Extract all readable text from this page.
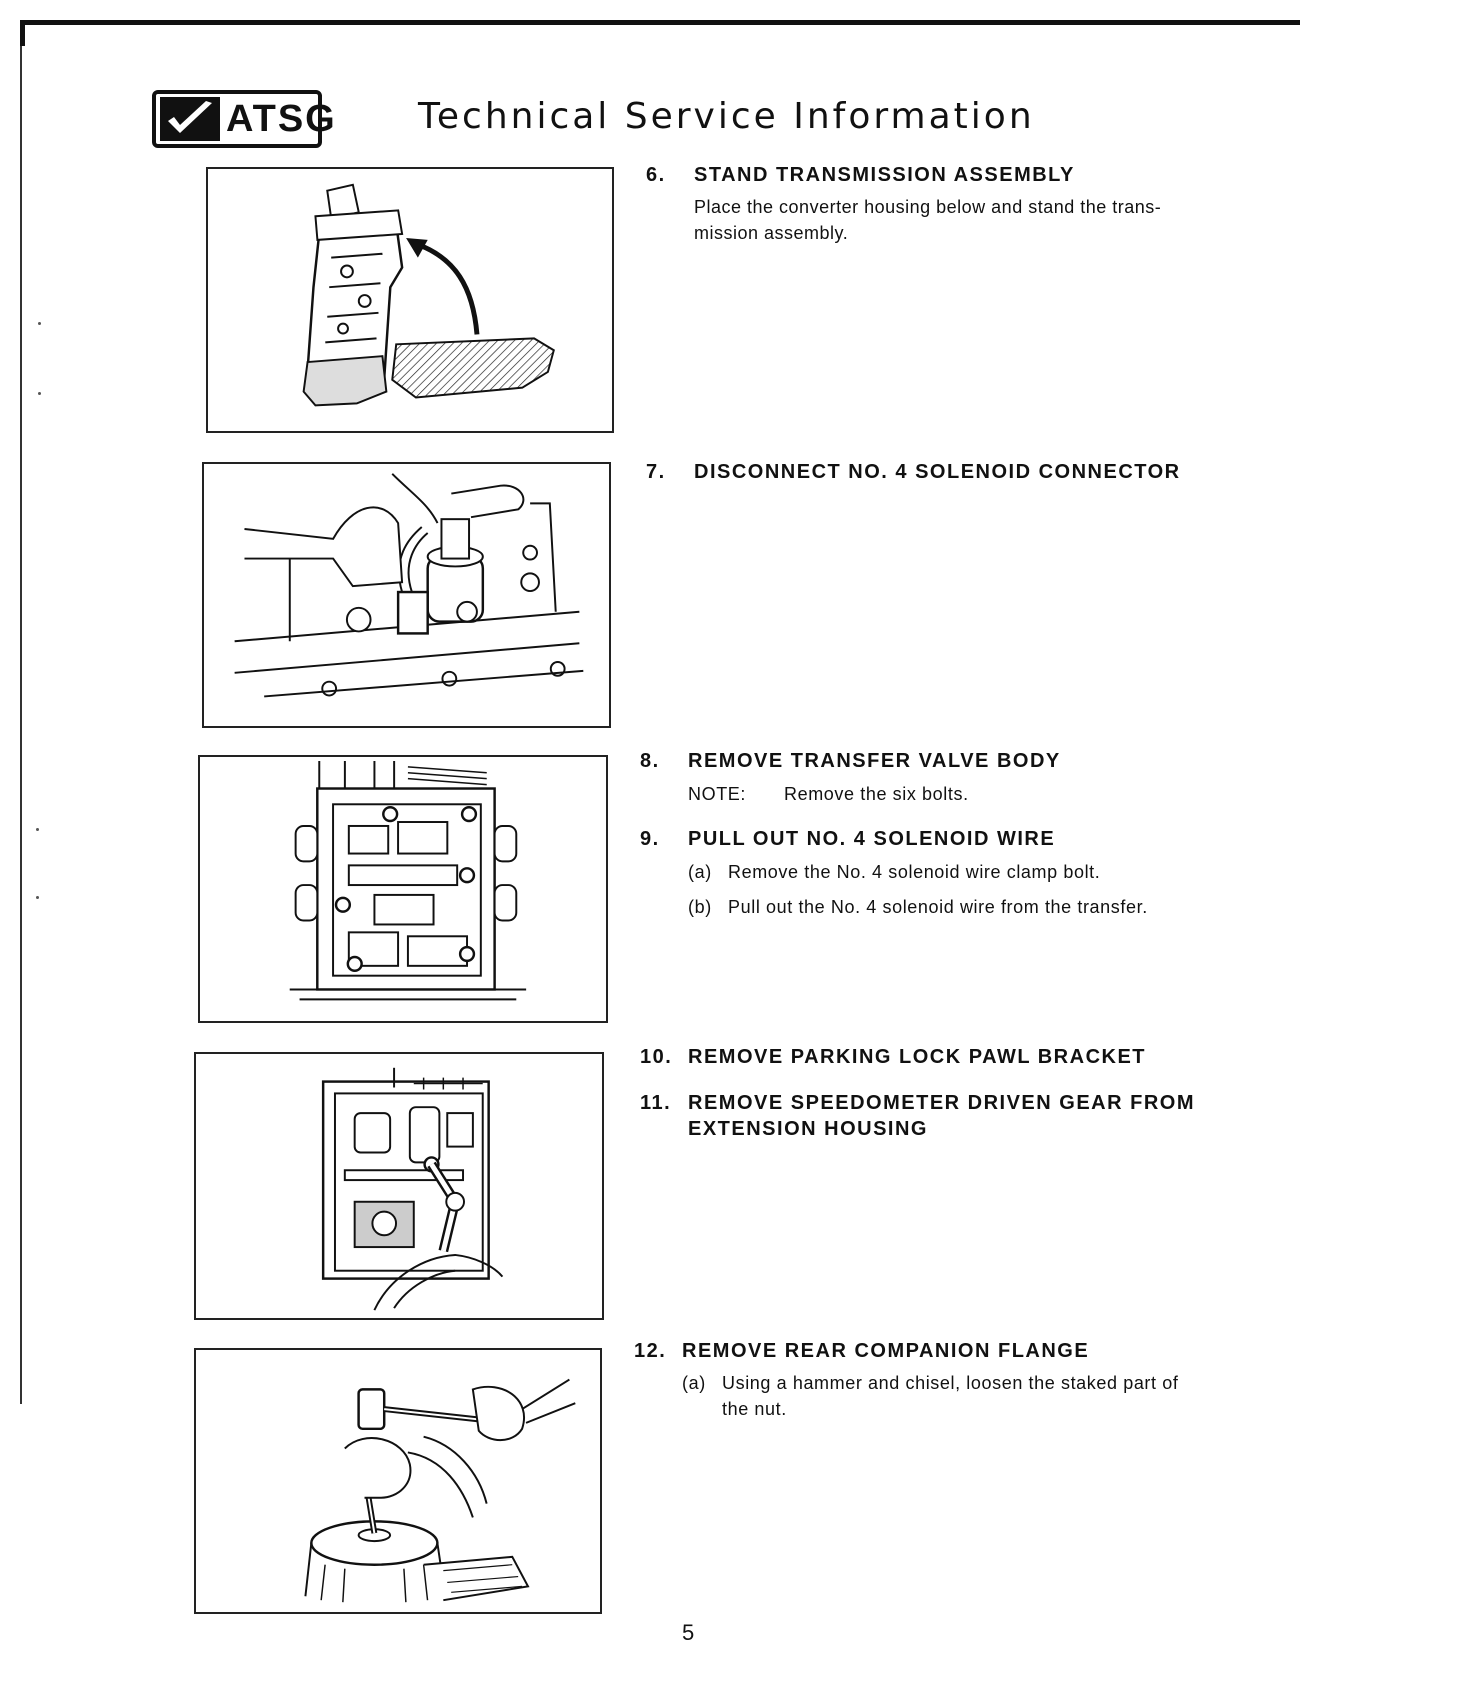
ATSG Technical Service Information
6. STAND TRANSMISSION ASSEMBLY
Place the converter housing below and stand the trans-
mission assembly.
7. DISCONNECT NO. 4 SOLENOID CONNECTOR
8. REMOVE TRANSFER VALVE BODY
NOTE: Remove the six bolts.
9. PULL OUT NO. 4 SOLENOID WIRE
(a) Remove the No. 4 solenoid wire clamp bolt.
(b) Pull out the No. 4 solenoid wire from the transfer.
10. REMOVE PARKING LOCK PAWL BRACKET
11. REMOVE SPEEDOMETER DRIVEN GEAR FROM
EXTENSION HOUSING
12. REMOVE REAR COMPANION FLANGE
(a) Using a hammer and chisel, loosen the staked part of
the nut.
5
